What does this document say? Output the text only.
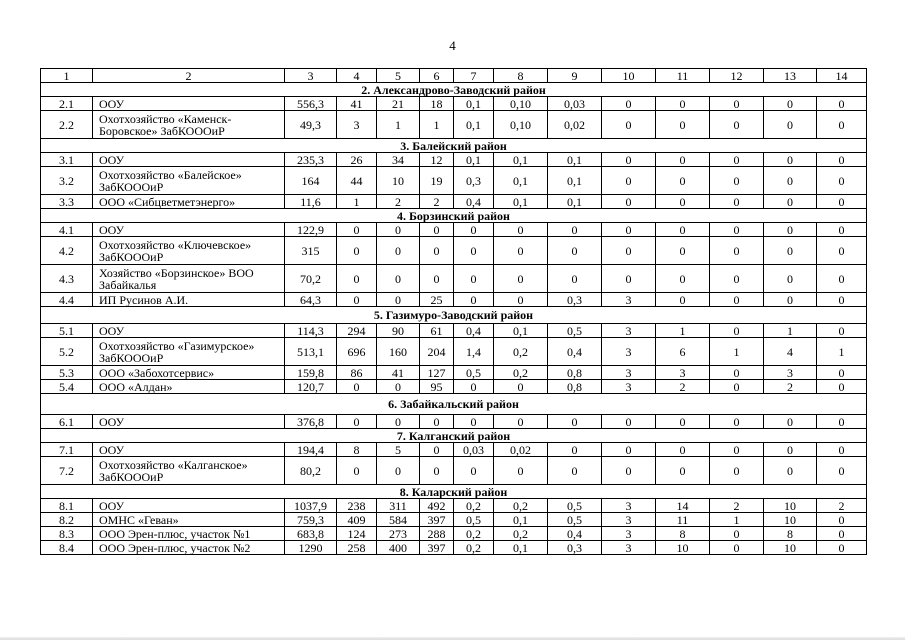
4
1	2	3	4	5	6	7	8	9	10	11	12	13	14
2. Александрово-Заводский район													
2.1	ООУ	556,3	41	21	18	0,1	0,10	0,03	0	0	0	0	0
2.2	Охотхозяйство «Каменск-Боровское» ЗабКОООиР	49,3	3	1	1	0,1	0,10	0,02	0	0	0	0	0
3. Балейский район													
3.1	ООУ	235,3	26	34	12	0,1	0,1	0,1	0	0	0	0	0
3.2	Охотхозяйство «Балейское» ЗабКОООиР	164	44	10	19	0,3	0,1	0,1	0	0	0	0	0
3.3	ООО «Сибцветметэнерго»	11,6	1	2	2	0,4	0,1	0,1	0	0	0	0	0
4. Борзинский район													
4.1	ООУ	122,9	0	0	0	0	0	0	0	0	0	0	0
4.2	Охотхозяйство «Ключевское» ЗабКОООиР	315	0	0	0	0	0	0	0	0	0	0	0
4.3	Хозяйство «Борзинское» ВОО Забайкалья	70,2	0	0	0	0	0	0	0	0	0	0	0
4.4	ИП Русинов А.И.	64,3	0	0	25	0	0	0,3	3	0	0	0	0
5. Газимуро-Заводский район													
5.1	ООУ	114,3	294	90	61	0,4	0,1	0,5	3	1	0	1	0
5.2	Охотхозяйство «Газимурское» ЗабКОООиР	513,1	696	160	204	1,4	0,2	0,4	3	6	1	4	1
5.3	ООО «Забохотсервис»	159,8	86	41	127	0,5	0,2	0,8	3	3	0	3	0
5.4	ООО «Алдан»	120,7	0	0	95	0	0	0,8	3	2	0	2	0
6. Забайкальский район													
6.1	ООУ	376,8	0	0	0	0	0	0	0	0	0	0	0
7. Калганский район													
7.1	ООУ	194,4	8	5	0	0,03	0,02	0	0	0	0	0	0
7.2	Охотхозяйство «Калганское» ЗабКОООиР	80,2	0	0	0	0	0	0	0	0	0	0	0
8. Каларский район													
8.1	ООУ	1037,9	238	311	492	0,2	0,2	0,5	3	14	2	10	2
8.2	ОМНС «Геван»	759,3	409	584	397	0,5	0,1	0,5	3	11	1	10	0
8.3	ООО Эрен-плюс, участок №1	683,8	124	273	288	0,2	0,2	0,4	3	8	0	8	0
8.4	ООО Эрен-плюс, участок №2	1290	258	400	397	0,2	0,1	0,3	3	10	0	10	0
